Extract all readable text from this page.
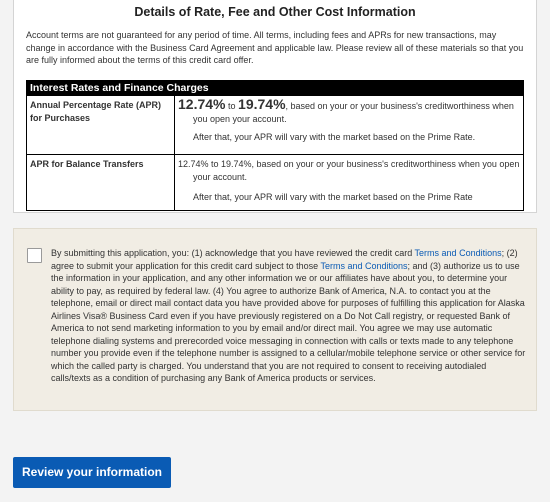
Details of Rate, Fee and Other Cost Information
Account terms are not guaranteed for any period of time. All terms, including fees and APRs for new transactions, may change in accordance with the Business Card Agreement and applicable law. Please review all of these materials so that you are fully informed about the terms of this credit card offer.
Interest Rates and Finance Charges
Annual Percentage Rate (APR) for Purchases
12.74% to 19.74%, based on your or your business's creditworthiness when
you open your account.
After that, your APR will vary with the market based on the Prime Rate.
APR for Balance Transfers	12.74% to 19.74%, based on your or your business's creditworthiness when you open
your account.
After that, your APR will vary with the market based on the Prime Rate
By submitting this application, you: (1) acknowledge that you have reviewed the credit card Terms and Conditions; (2) agree to submit your application for this credit card subject to those Terms and Conditions; and (3) authorize us to use the information in your application, and any other information we or our affiliates have about you, to determine your ability to pay, as required by federal law. (4) You agree to authorize Bank of America, N.A. to contact you at the telephone, email or direct mail contact data you have provided above for purposes of fulfilling this application for Alaska Airlines Visa® Business Card even if you have previously registered on a Do Not Call registry, or requested Bank of America to not send marketing information to you by email and/or direct mail. You agree we may use automatic telephone dialing systems and prerecorded voice messaging in connection with calls or texts made to any telephone number you provide even if the telephone number is assigned to a cellular/mobile telephone service or other service for which the called party is charged. You understand that you are not required to consent to receiving autodialed calls/texts as a condition of purchasing any Bank of America products or services.
Review your information
